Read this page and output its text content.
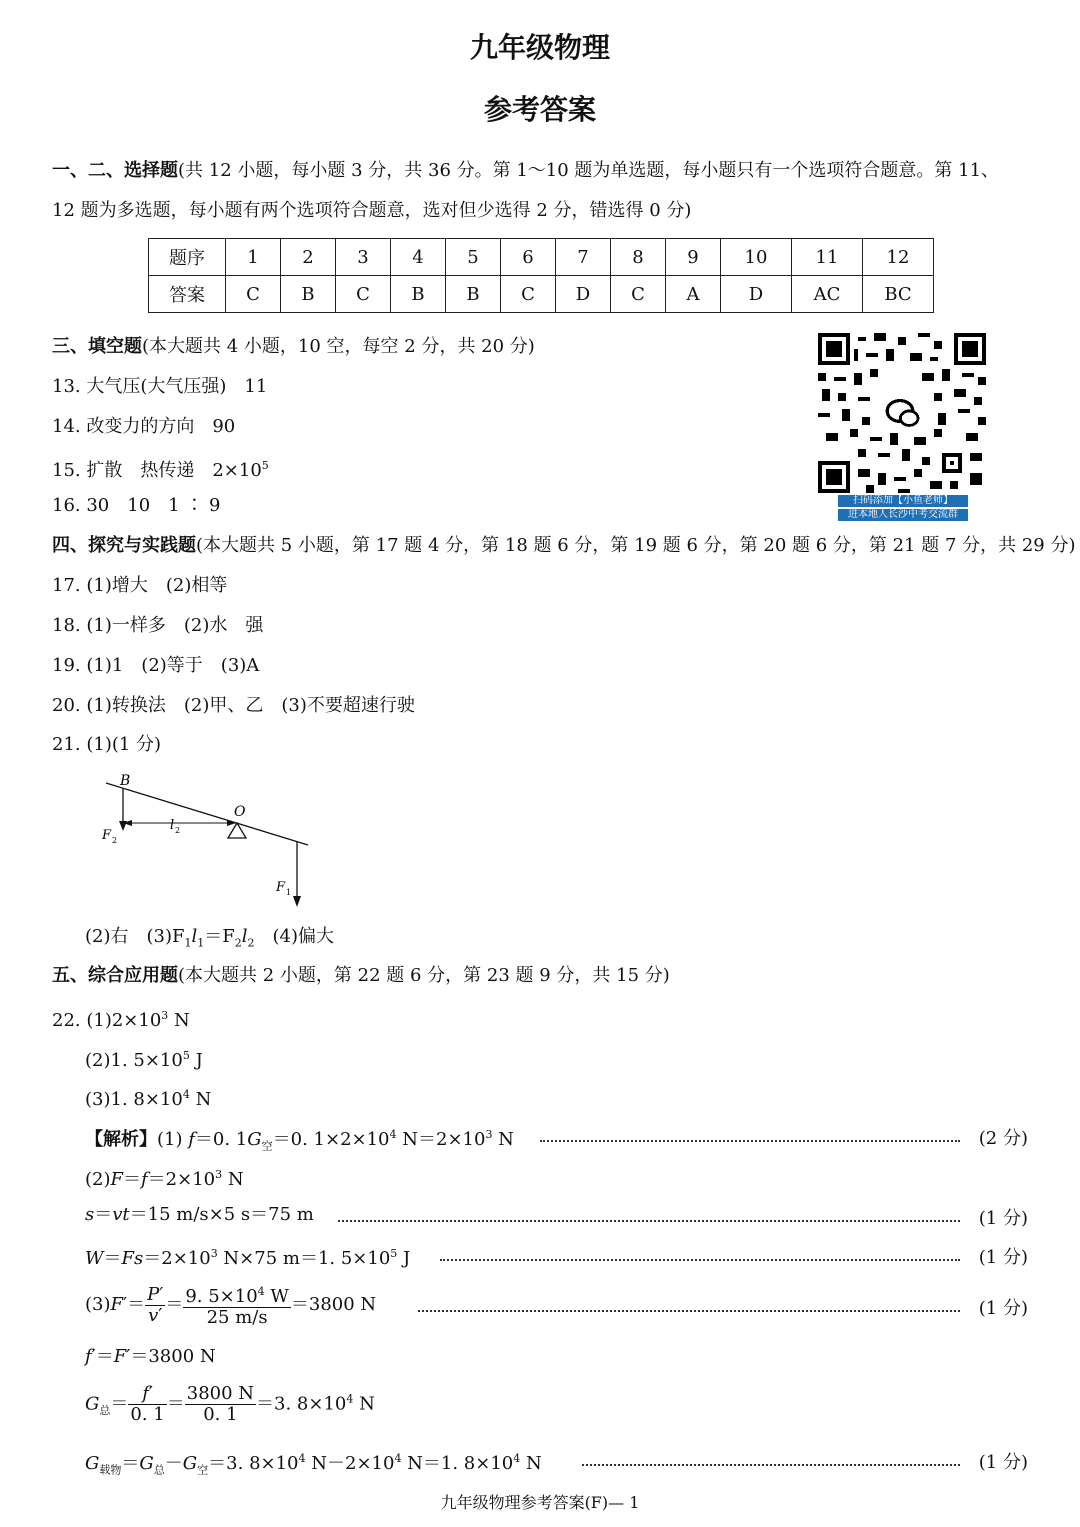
九年级物理
参考答案
一、二、选择题(共 12 小题，每小题 3 分，共 36 分。第 1～10 题为单选题，每小题只有一个选项符合题意。第 11、
12 题为多选题，每小题有两个选项符合题意，选对但少选得 2 分，错选得 0 分)
题序	1	2	3	4	5	6	7	8	9	10	11	12
答案	C	B	C	B	B	C	D	C	A	D	AC	BC
三、填空题(本大题共 4 小题，10 空，每空 2 分，共 20 分)
13. 大气压(大气压强)　11
14. 改变力的方向　90
15. 扩散　热传递　$2\times 10^5$
16. 30　10　1 ∶ 9	扫码添加【小鱼老师】
进本地人长沙中考交流群
四、探究与实践题(本大题共 5 小题，第 17 题 4 分，第 18 题 6 分，第 19 题 6 分，第 20 题 6 分，第 21 题 7 分，共 29 分)
17. (1)增大　(2)相等
18. (1)一样多　(2)水　强
19. (1)1　(2)等于　(3)A
20. (1)转换法　(2)甲、乙　(3)不要超速行驶
21. (1)(1 分)
B
O
F 2
l 2
F 1
(2)右　$(3)F_1l_1=F_2l_2$　 (4)偏大
五、综合应用题(本大题共 2 小题，第 22 题 6 分，第 23 题 9 分，共 15 分)
22. $(1)2\times 10^3$ N
(2)1. $5\times 10^5$ J
(3)1. $8\times 10^4$ N
【解析】(1) f＝0. $1G_空=0$. $1\times 2\times 10^4$ $N=2\times 10^3$ N	(2 分)
$(2)F=f=2\times 10^3$ N
s＝vt＝15 m/s×5 s＝75 m	(1 分)
$W=Fs=2\times 10^3$ N×75 m＝1. $5\times 10^5$ J	(1 分)
$(3)F'= \frac{P'}{v'} = \frac{9. 5\times 10^4 W}{25 m/s} =3800$ N	(1 分)
f′＝F′＝3800 N
$G_总= \frac{f'}{0. 1} = \frac{3800 N}{0. 1} =3$. $8\times 10^4$ N
$G_{载物}=G_总-G_空=3$. $8\times 10^4$ $N-2\times 10^4$ N＝1. $8\times 10^4$ N	(1 分)
九年级物理参考答案(F)— 1
